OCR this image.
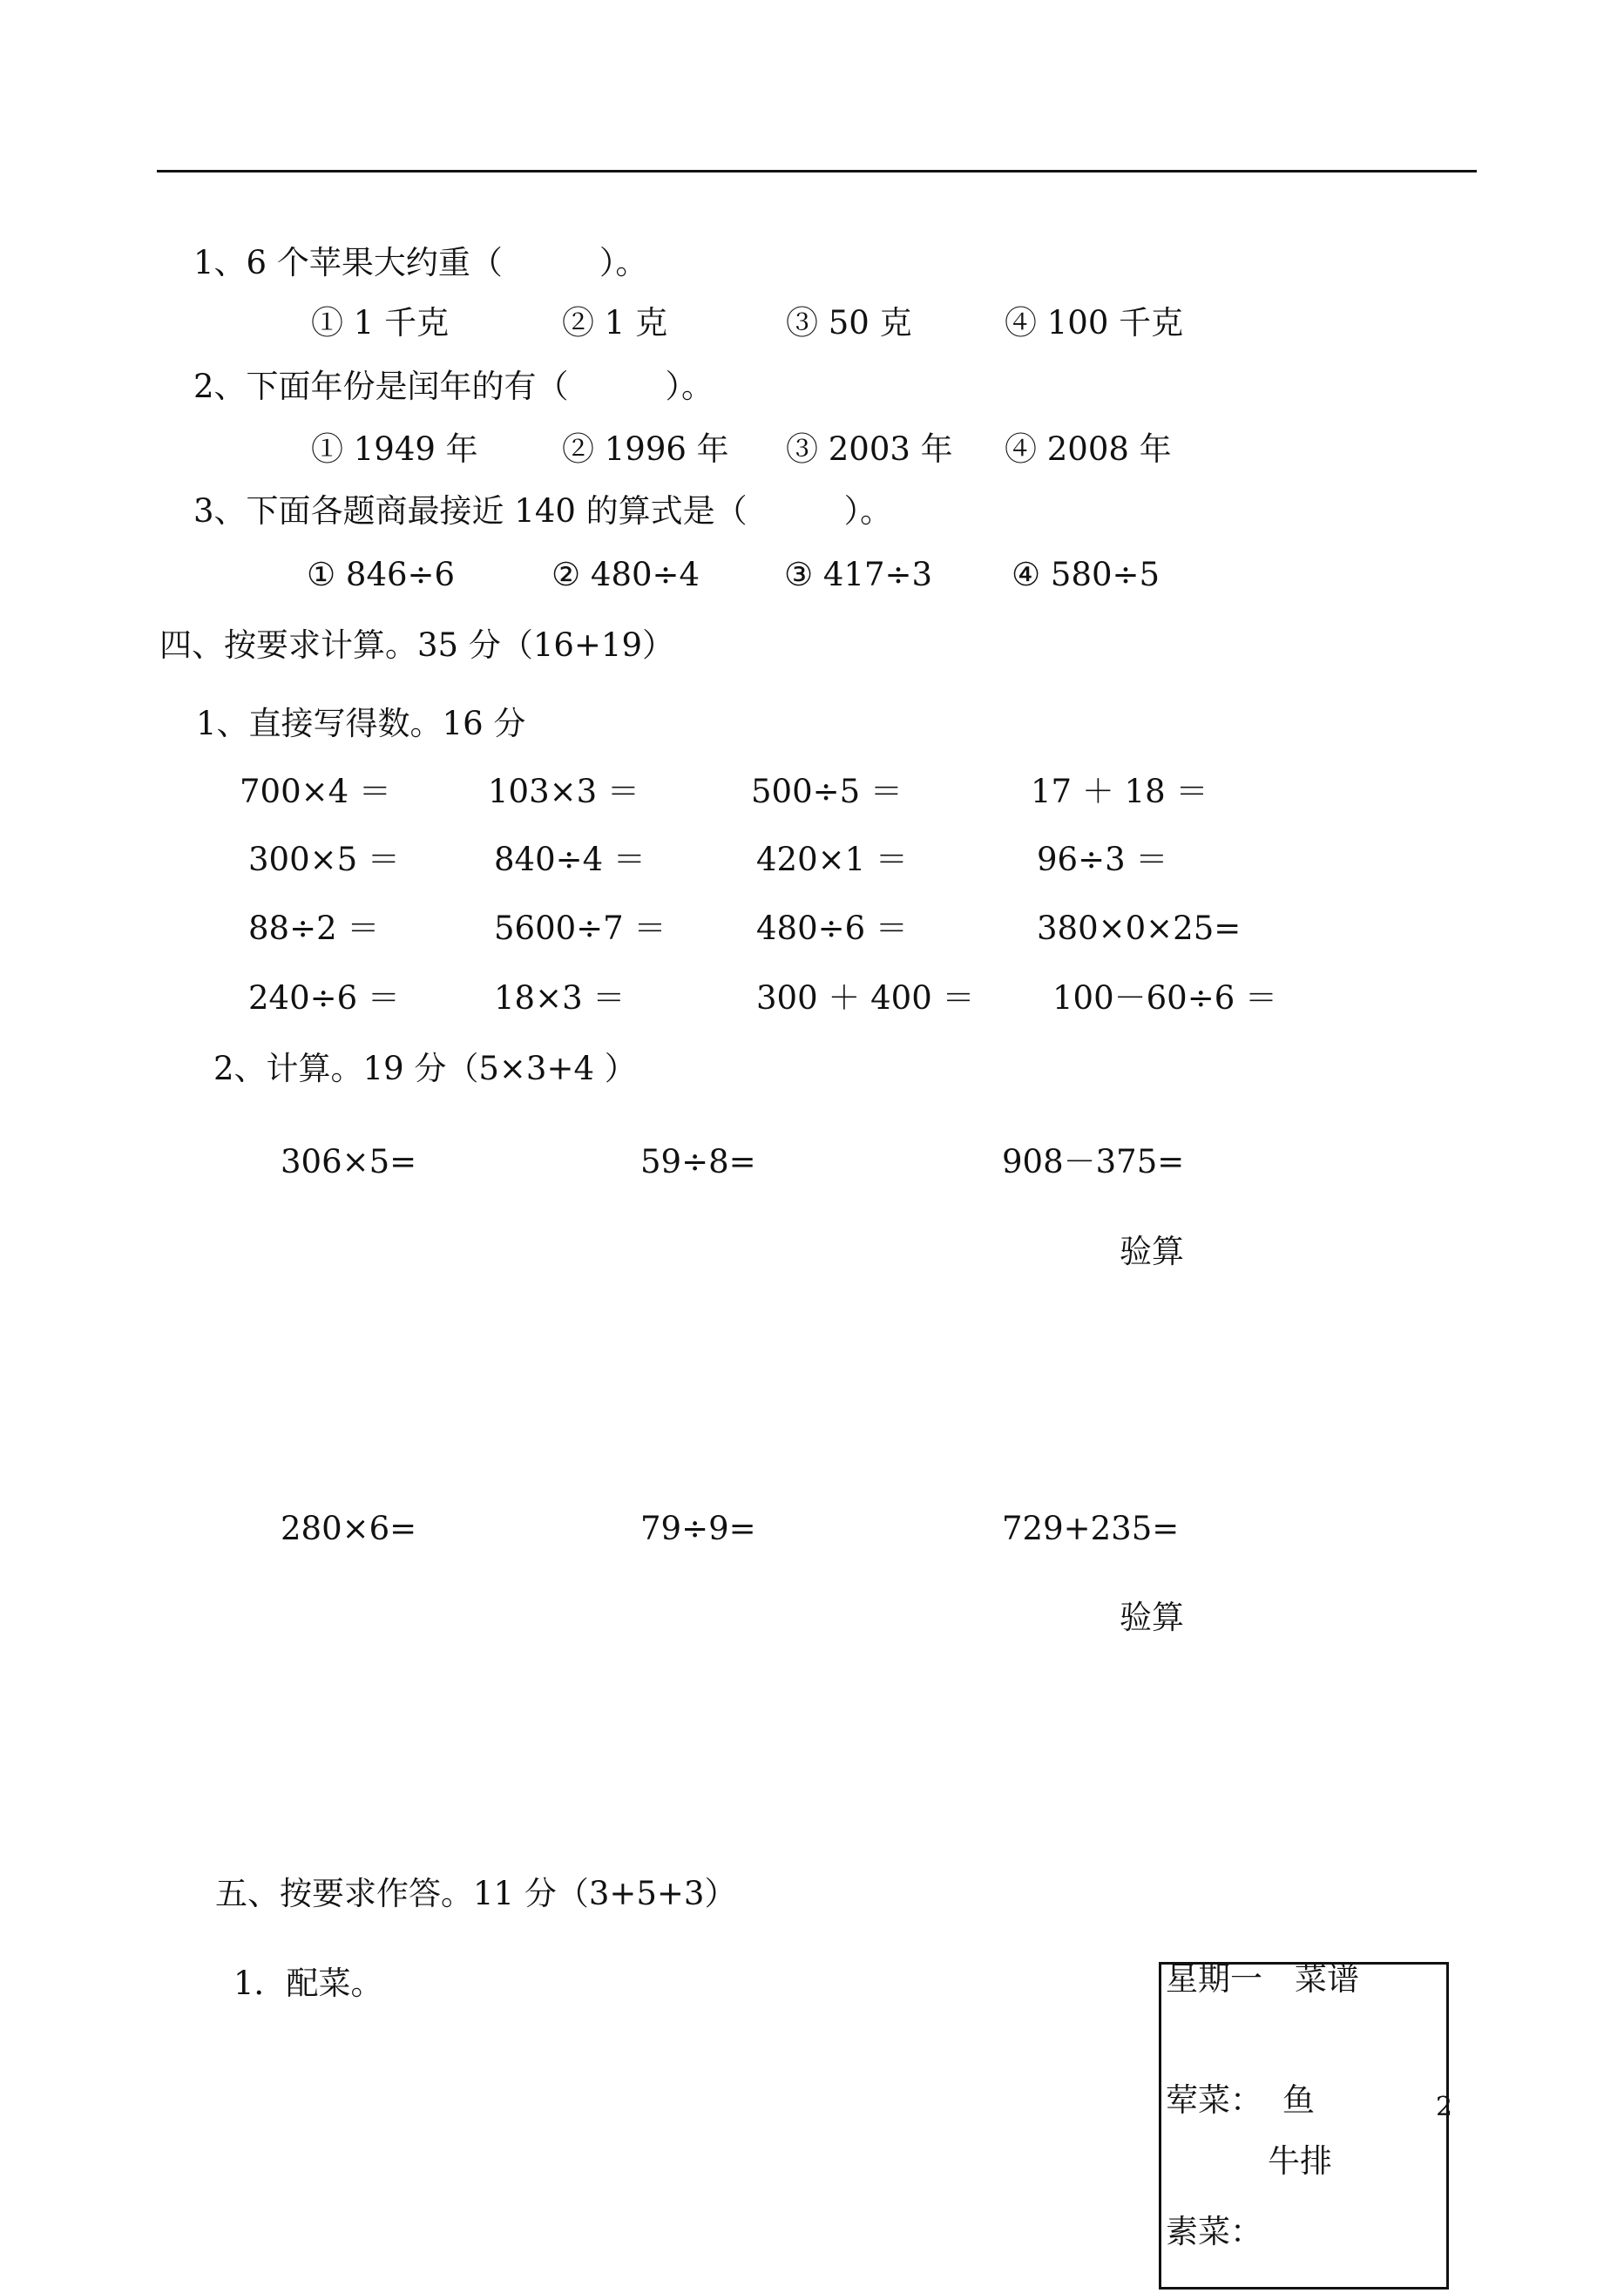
1、6 个苹果大约重（　　　）。
① 1 千克	② 1 克	③ 50 克	④ 100 千克
2、下面年份是闰年的有（　　　）。
① 1949 年	② 1996 年 ③ 2003 年 ④ 2008 年
3、下面各题商最接近 140 的算式是（　　　）。
① 846÷6	② 480÷4	③ 417÷3 ④ 580÷5
四、按要求计算。35 分（16+19）
1、直接写得数。16 分
700×4 ＝	103×3 ＝	500÷5 ＝	17 ＋ 18 ＝
300×5 ＝	840÷4 ＝	420×1 ＝	96÷3 ＝
88÷2 ＝	5600÷7 ＝	480÷6 ＝	380×0×25=
240÷6 ＝	18×3 ＝	300 ＋ 400 ＝ 100－60÷6 ＝
2、计算。19 分（5×3+4 ）
306×5=	59÷8=	908－375=
验算
280×6=	79÷9=	729+235=
验算
五、按要求作答。11 分（3+5+3）
1．配菜。	星期一　菜谱
荤菜： 鱼
牛排
素菜：
2
